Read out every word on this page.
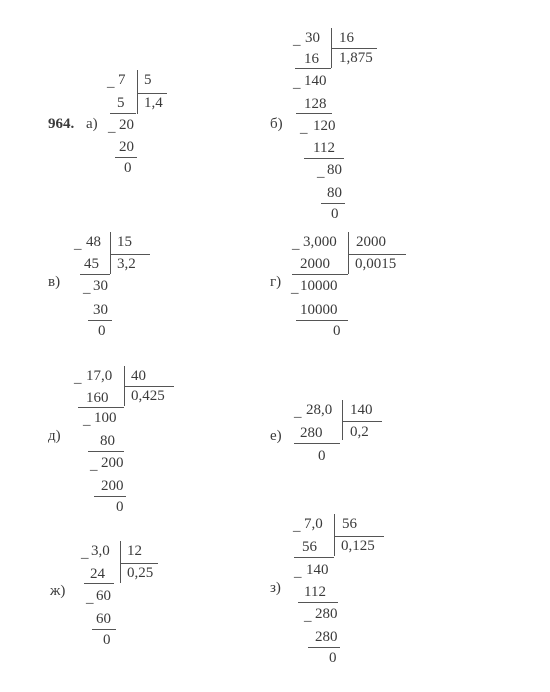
964. а)
_ 7 5
5 1,4
_ 20
20
0
б)
_ 30 16
16 1,875
_ 140
128
_ 120
112
_ 80
80
0
в)
_ 48 15
45 3,2
_ 30
30
0
г)
_ 3,000 2000
2000 0,0015
_ 10000
10000
0
д)
_ 17,0 40
160 0,425
_ 100
80
_ 200
200
0
е)
_ 28,0 140
280 0,2
0
ж)
_ 3,0 12
24 0,25
_ 60
60
0
з)
_ 7,0 56
56 0,125
_ 140
112
_ 280
280
0
